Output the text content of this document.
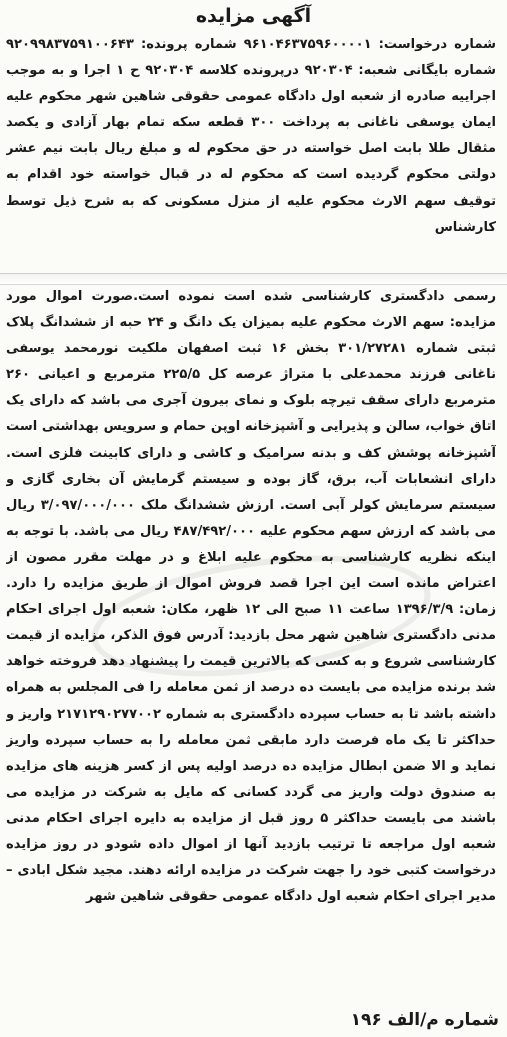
آگهی مزایده
شماره درخواست: ۹۶۱۰۴۶۳۷۵۹۶۰۰۰۰۱ شماره پرونده: ۹۲۰۹۹۸۳۷۵۹۱۰۰۶۴۳ شماره بایگانی شعبه: ۹۲۰۳۰۴ درپرونده کلاسه ۹۲۰۳۰۴ ح ۱ اجرا و به موجب اجراییه صادره از شعبه اول دادگاه عمومی حقوقی شاهین شهر محکوم علیه ایمان یوسفی ناغانی به پرداخت ۳۰۰ قطعه سکه تمام بهار آزادی و یکصد مثقال طلا بابت اصل خواسته در حق محکوم له و مبلغ ریال بابت نیم عشر دولتی محکوم گردیده است که محکوم له در قبال خواسته خود اقدام به توقیف سهم الارث محکوم علیه از منزل مسکونی که به شرح ذیل توسط کارشناس
رسمی دادگستری کارشناسی شده است نموده است.صورت اموال مورد مزایده: سهم الارث محکوم علیه بمیزان یک دانگ و ۲۴ حبه از ششدانگ پلاک ثبتی شماره ۳۰۱/۲۷۲۸۱ بخش ۱۶ ثبت اصفهان ملکیت نورمحمد یوسفی ناغانی فرزند محمدعلی با متراژ عرصه کل ۲۲۵/۵ مترمربع و اعیانی ۲۶۰ مترمربع دارای سقف تیرچه بلوک و نمای بیرون آجری می باشد که دارای یک اتاق خواب، سالن و پذیرایی و آشپزخانه اوپن حمام و سرویس بهداشتی است آشپزخانه پوشش کف و بدنه سرامیک و کاشی و دارای کابینت فلزی است. دارای انشعابات آب، برق، گاز بوده و سیستم گرمایش آن بخاری گازی و سیستم سرمایش کولر آبی است. ارزش ششدانگ ملک ۳/۰۹۷/۰۰۰/۰۰۰ ریال می باشد که ارزش سهم محکوم علیه ۴۸۷/۴۹۲/۰۰۰ ریال می باشد. با توجه به اینکه نظریه کارشناسی به محکوم علیه ابلاغ و در مهلت مقرر مصون از اعتراض مانده است این اجرا قصد فروش اموال از طریق مزایده را دارد. زمان: ۱۳۹۶/۳/۹ ساعت ۱۱ صبح الی ۱۲ ظهر، مکان: شعبه اول اجرای احکام مدنی دادگستری شاهین شهر محل بازدید: آدرس فوق الذکر، مزایده از قیمت کارشناسی شروع و به کسی که بالاترین قیمت را پیشنهاد دهد فروخته خواهد شد برنده مزایده می بایست ده درصد از ثمن معامله را فی المجلس به همراه داشته باشد تا به حساب سپرده دادگستری به شماره ۲۱۷۱۲۹۰۲۷۷۰۰۲ واریز و حداکثر تا یک ماه فرصت دارد مابقی ثمن معامله را به حساب سپرده واریز نماید و الا ضمن ابطال مزایده ده درصد اولیه پس از کسر هزینه های مزایده به صندوق دولت واریز می گردد کسانی که مایل به شرکت در مزایده می باشند می بایست حداکثر ۵ روز قبل از مزایده به دایره اجرای احکام مدنی شعبه اول مراجعه تا ترتیب بازدید آنها از اموال داده شودو در روز مزایده درخواست کتبی خود را جهت شرکت در مزایده ارائه دهند. مجید شکل ابادی – مدیر اجرای احکام شعبه اول دادگاه عمومی حقوقی شاهین شهر
شماره م/الف ۱۹۶
